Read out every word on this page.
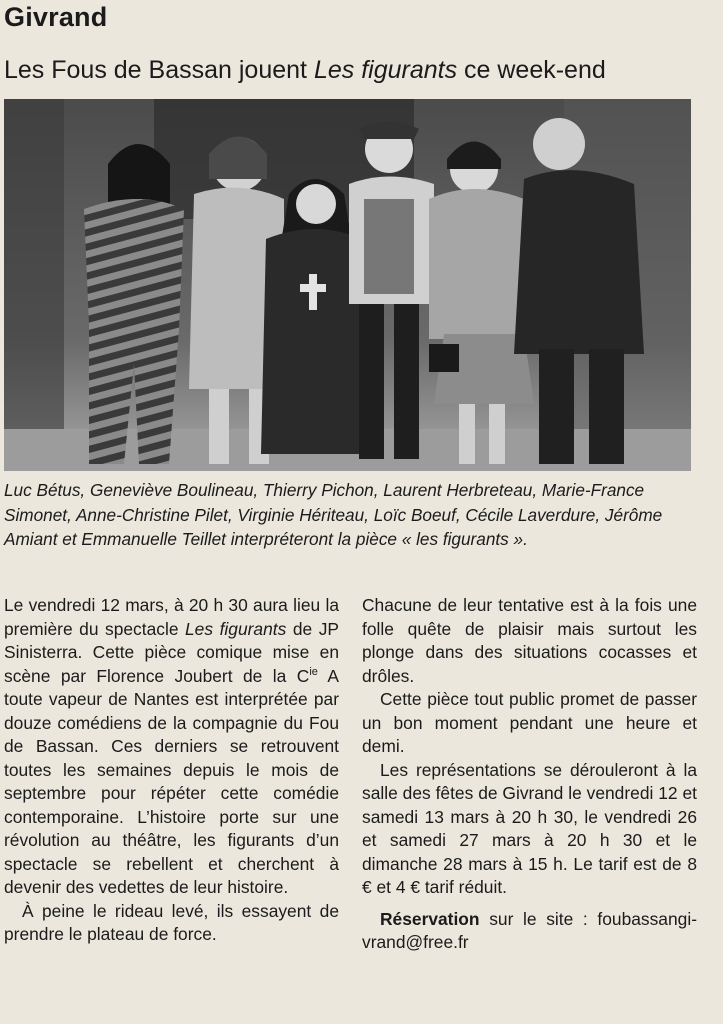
Givrand
Les Fous de Bassan jouent Les figurants ce week-end
Luc Bétus, Geneviève Boulineau, Thierry Pichon, Laurent Herbreteau, Marie-France Simonet, Anne-Christine Pilet, Virginie Hériteau, Loïc Boeuf, Cécile Laverdure, Jérôme Amiant et Emmanuelle Teillet interpréteront la pièce « les figurants ».

Le vendredi 12 mars, à 20 h 30 aura lieu la première du spectacle Les figurants de JP Sinisterra. Cette pièce comique mise en scène par Florence Joubert de la $C^{ie}$ A toute vapeur de Nantes est interprétée par douze comédiens de la compagnie du Fou de Bassan. Ces derniers se retrouvent toutes les semaines depuis le mois de septembre pour répéter cette comédie contemporaine. L’histoire porte sur une révolution au théâtre, les figurants d’un spectacle se rebellent et cherchent à devenir des vedettes de leur histoire.

À peine le rideau levé, ils essayent de prendre le plateau de force.

Chacune de leur tentative est à la fois une folle quête de plaisir mais surtout les plonge dans des situations cocasses et drôles.

Cette pièce tout public promet de passer un bon moment pendant une heure et demi.

Les représentations se dérouleront à la salle des fêtes de Givrand le vendredi 12 et samedi 13 mars à 20 h 30, le vendredi 26 et samedi 27 mars à 20 h 30 et le dimanche 28 mars à 15 h. Le tarif est de 8 € et 4 € tarif réduit.

Réservation sur le site : foubassangivrand@free.fr
